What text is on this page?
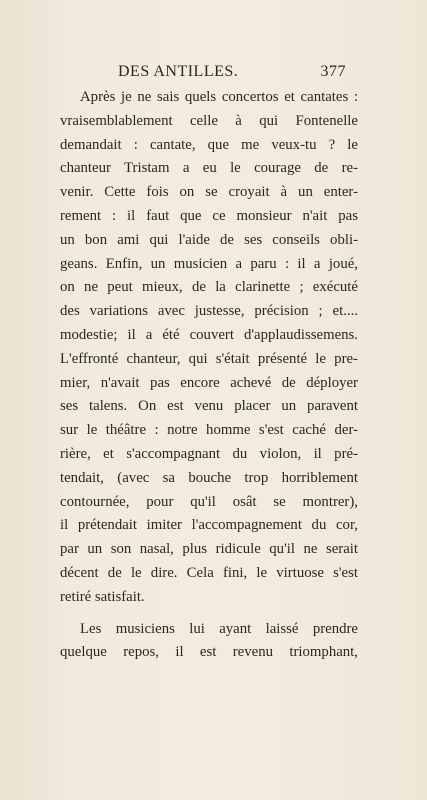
DES ANTILLES.	377
Après je ne sais quels concertos et cantates :
vraisemblablement celle à qui Fontenelle
demandait : cantate, que me veux-tu ? le
chanteur Tristam a eu le courage de re-
venir. Cette fois on se croyait à un enter-
rement : il faut que ce monsieur n'ait pas
un bon ami qui l'aide de ses conseils obli-
geans. Enfin, un musicien a paru : il a joué,
on ne peut mieux, de la clarinette ; exécuté
des variations avec justesse, précision ; et....
modestie; il a été couvert d'applaudissemens.
L'effronté chanteur, qui s'était présenté le pre-
mier, n'avait pas encore achevé de déployer
ses talens. On est venu placer un paravent
sur le théâtre : notre homme s'est caché der-
rière, et s'accompagnant du violon, il pré-
tendait, (avec sa bouche trop horriblement
contournée, pour qu'il osât se montrer),
il prétendait imiter l'accompagnement du cor,
par un son nasal, plus ridicule qu'il ne serait
décent de le dire. Cela fini, le virtuose s'est
retiré satisfait.
Les musiciens lui ayant laissé prendre
quelque repos, il est revenu triomphant,
